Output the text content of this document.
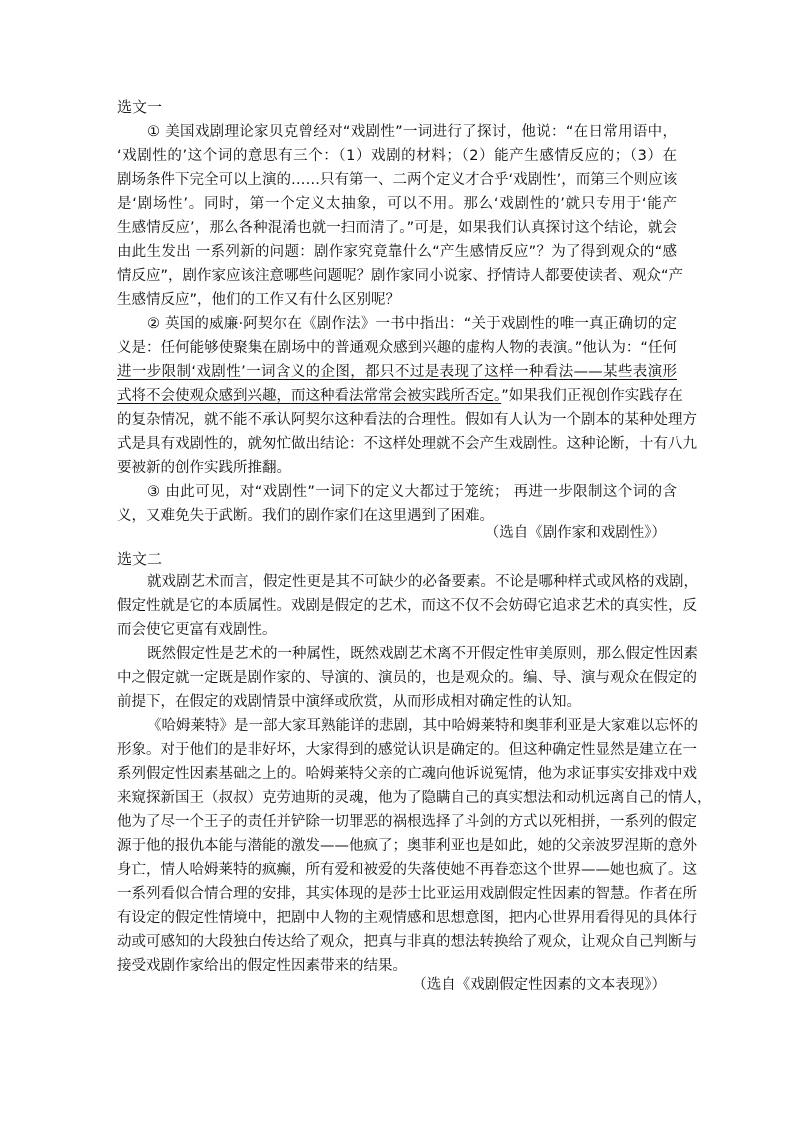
选文一
① 美国戏剧理论家贝克曾经对“戏剧性”一词进行了探讨，他说：“在日常用语中，
‘戏剧性的’这个词的意思有三个：（1）戏剧的材料；（2）能产生感情反应的；（3）在
剧场条件下完全可以上演的……只有第一、二两个定义才合乎‘戏剧性’，而第三个则应该
是‘剧场性’。同时，第一个定义太抽象，可以不用。那么‘戏剧性的’就只专用于‘能产
生感情反应’，那么各种混淆也就一扫而清了。”可是，如果我们认真探讨这个结论，就会
由此生发出 一系列新的问题：剧作家究竟靠什么“产生感情反应”？为了得到观众的“感
情反应”，剧作家应该注意哪些问题呢？剧作家同小说家、抒情诗人都要使读者、观众“产
生感情反应”，他们的工作又有什么区别呢？
② 英国的威廉·阿契尔在《剧作法》一书中指出：“关于戏剧性的唯一真正确切的定
义是：任何能够使聚集在剧场中的普通观众感到兴趣的虚构人物的表演。”他认为：“任何
进一步限制‘戏剧性’一词含义的企图，都只不过是表现了这样一种看法——某些表演形
式将不会使观众感到兴趣，而这种看法常常会被实践所否定。”如果我们正视创作实践存在
的复杂情况，就不能不承认阿契尔这种看法的合理性。假如有人认为一个剧本的某种处理方
式是具有戏剧性的，就匆忙做出结论：不这样处理就不会产生戏剧性。这种论断，十有八九
要被新的创作实践所推翻。
③ 由此可见，对“戏剧性”一词下的定义大都过于笼统； 再进一步限制这个词的含
义，又难免失于武断。我们的剧作家们在这里遇到了困难。
（选自《剧作家和戏剧性》）
选文二
就戏剧艺术而言，假定性更是其不可缺少的必备要素。不论是哪种样式或风格的戏剧，
假定性就是它的本质属性。戏剧是假定的艺术，而这不仅不会妨碍它追求艺术的真实性，反
而会使它更富有戏剧性。
既然假定性是艺术的一种属性，既然戏剧艺术离不开假定性审美原则，那么假定性因素
中之假定就一定既是剧作家的、导演的、演员的，也是观众的。编、导、演与观众在假定的
前提下，在假定的戏剧情景中演绎或欣赏，从而形成相对确定性的认知。
《哈姆莱特》是一部大家耳熟能详的悲剧，其中哈姆莱特和奥菲利亚是大家难以忘怀的
形象。对于他们的是非好坏，大家得到的感觉认识是确定的。但这种确定性显然是建立在一
系列假定性因素基础之上的。哈姆莱特父亲的亡魂向他诉说冤情，他为求证事实安排戏中戏
来窥探新国王（叔叔）克劳迪斯的灵魂，他为了隐瞒自己的真实想法和动机远离自己的情人，
他为了尽一个王子的责任并铲除一切罪恶的祸根选择了斗剑的方式以死相拼，一系列的假定
源于他的报仇本能与潜能的激发——他疯了；奥菲利亚也是如此，她的父亲波罗涅斯的意外
身亡，情人哈姆莱特的疯癫，所有爱和被爱的失落使她不再眷恋这个世界——她也疯了。这
一系列看似合情合理的安排，其实体现的是莎士比亚运用戏剧假定性因素的智慧。作者在所
有设定的假定性情境中，把剧中人物的主观情感和思想意图，把内心世界用看得见的具体行
动或可感知的大段独白传达给了观众，把真与非真的想法转换给了观众，让观众自己判断与
接受戏剧作家给出的假定性因素带来的结果。
（选自《戏剧假定性因素的文本表现》）
